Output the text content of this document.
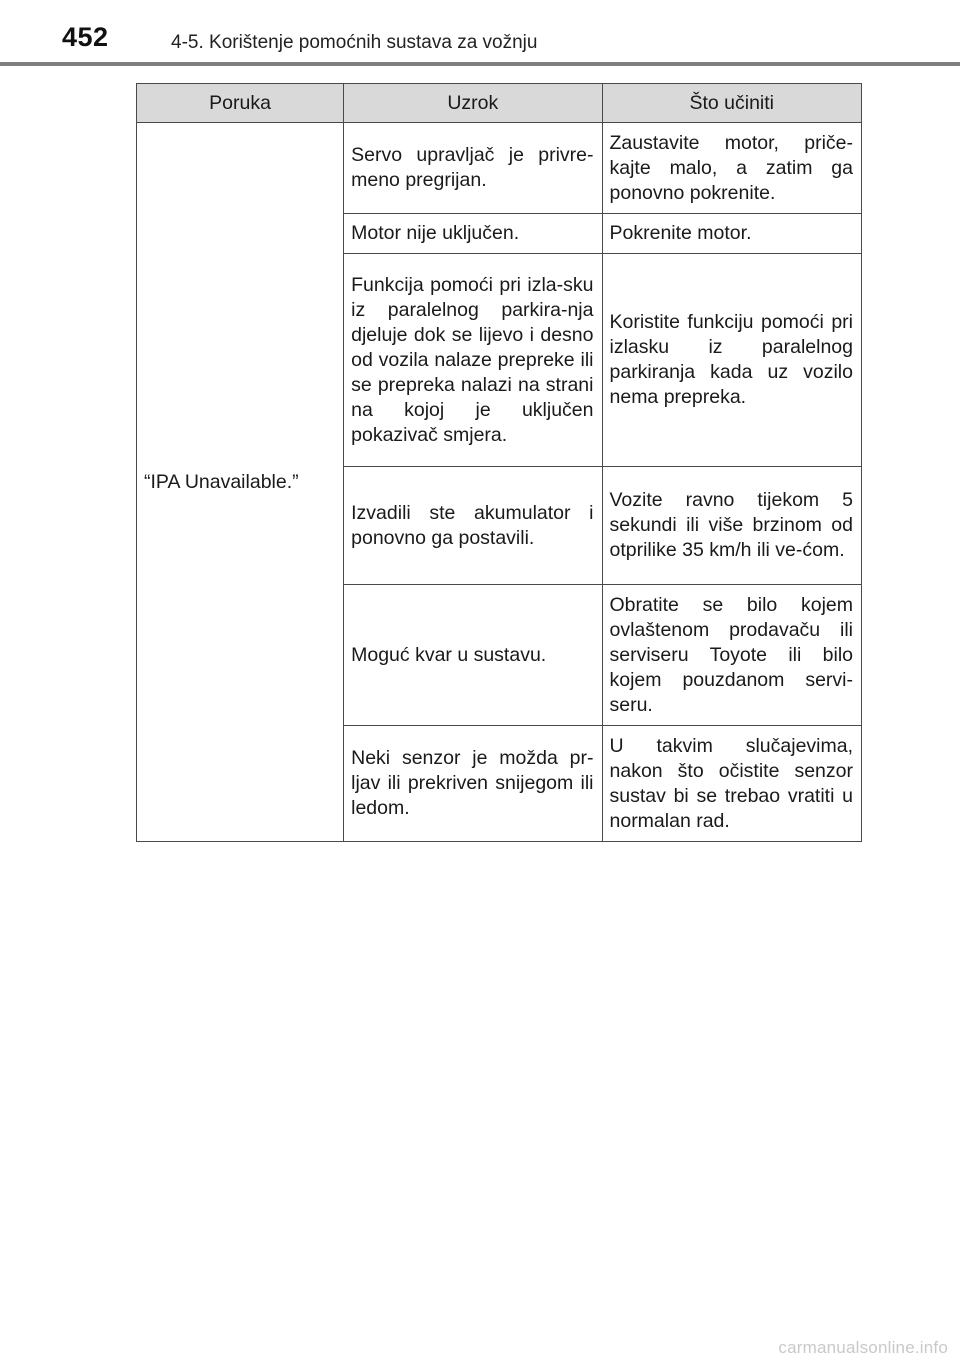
452	4-5. Korištenje pomoćnih sustava za vožnju
Poruka	Uzrok	Što učiniti
“IPA Unavailable.”	Servo upravljač je privre-meno pregrijan.	Zaustavite motor, priče-kajte malo, a zatim ga ponovno pokrenite.
	Motor nije uključen.	Pokrenite motor.
	Funkcija pomoći pri izla-sku iz paralelnog parkira-nja djeluje dok se lijevo i desno od vozila nalaze prepreke ili se prepreka nalazi na strani na kojoj je uključen pokazivač smjera.	Koristite funkciju pomoći pri izlasku iz paralelnog parkiranja kada uz vozilo nema prepreka.
	Izvadili ste akumulator i ponovno ga postavili.	Vozite ravno tijekom 5 sekundi ili više brzinom od otprilike 35 km/h ili ve-ćom.
	Moguć kvar u sustavu.	Obratite se bilo kojem ovlaštenom prodavaču ili serviseru Toyote ili bilo kojem pouzdanom servi-seru.
	Neki senzor je možda pr-ljav ili prekriven snijegom ili ledom.	U takvim slučajevima, nakon što očistite senzor sustav bi se trebao vratiti u normalan rad.
carmanualsonline.info
